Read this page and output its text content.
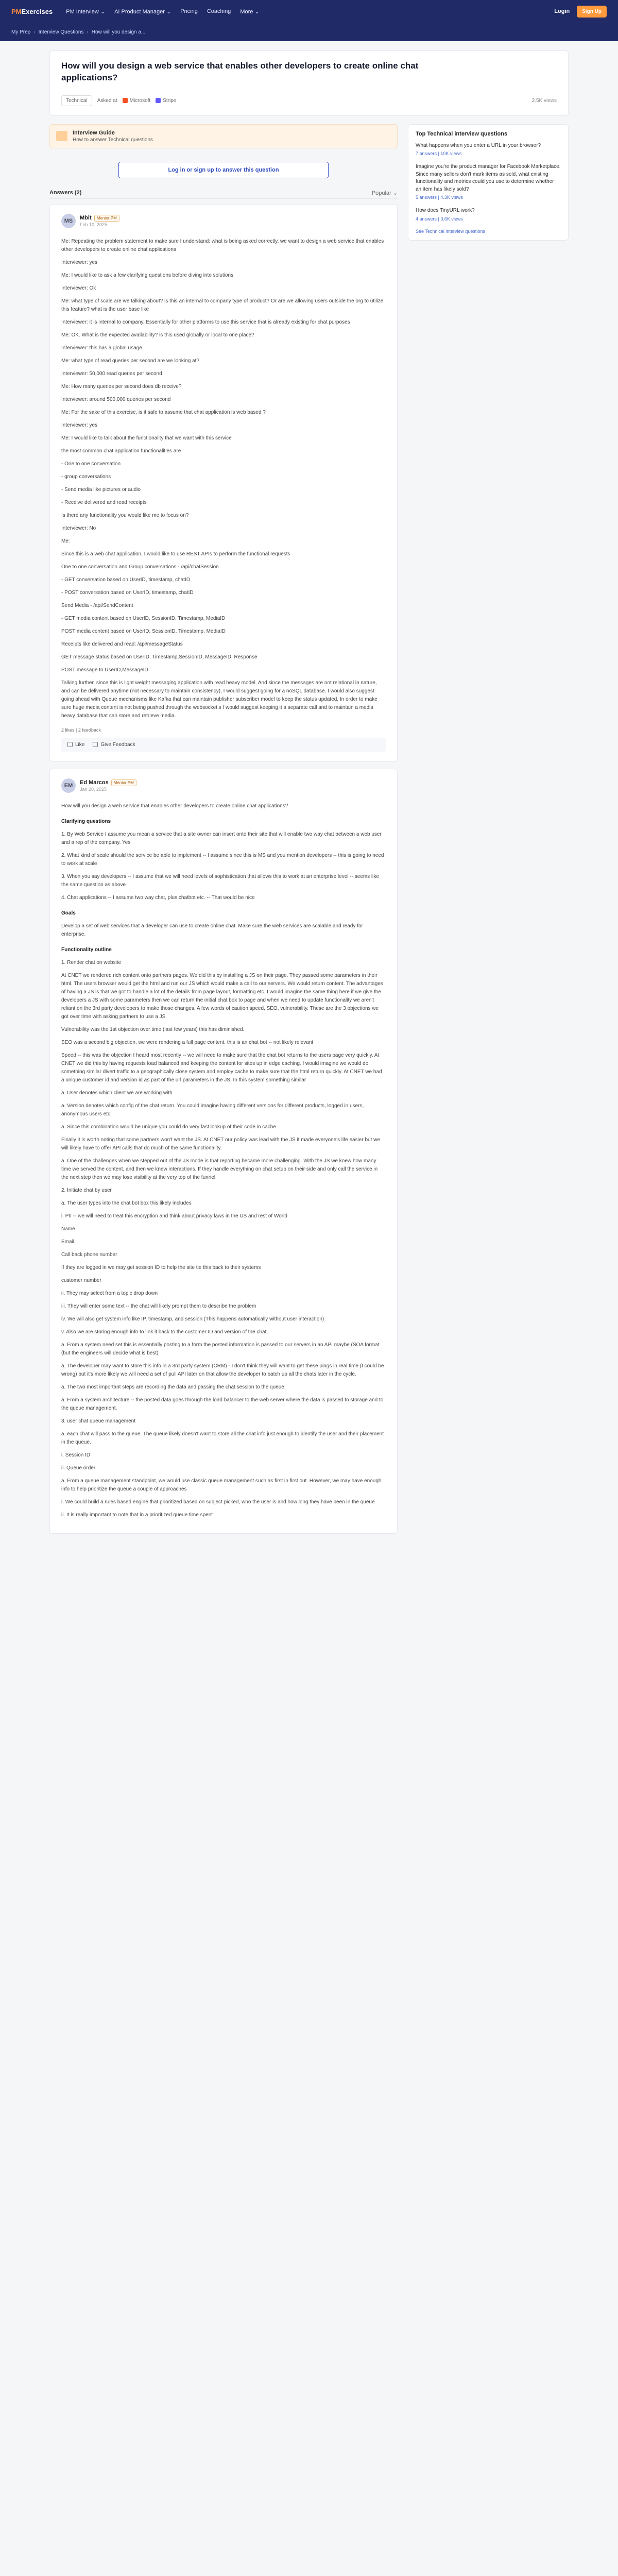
PMExercises PM Interview ⌄ AI Product Manager ⌄ Pricing Coaching More ⌄	Login	Sign Up
My Prep › Interview Questions › How will you design a...
How will you design a web service that enables other developers to create online chat applications?
Technical	Asked at Microsoft Stripe	2.5K views
Interview Guide
How to answer Technical questions
Log in or sign up to answer this question
Answers (2)	Popular ⌄
MS	Mbit Mentor PM
Feb 10, 2025

Me: Repeating the problem statement to make sure I understand: what is being asked correctly, we want to design a web service that enables other developers to create online chat applications

Interviewer: yes

Me: I would like to ask a few clarifying questions before diving into solutions

Interviewer: Ok

Me: what type of scale are we talking about? is this an internal to company type of product? Or are we allowing users outside the org to utilize this feature? what is the user base like

Interviewer: it is internal to company. Essentially for other platforms to use this service that is already existing for chat purposes

Me: OK. What is the expected availability? is this used globally or local to one place?

Interviewer: this has a global usage

Me: what type of read queries per second are we looking at?

Interviewer: 50,000 read queries per second

Me: How many queries per second does db receive?

Interviewer: around 500,000 queries per second

Me: For the sake of this exercise, is it safe to assume that chat application is web based ?

Interviewer: yes

Me: I would like to talk about the functionality that we want with this service

the most common chat application functionalities are

- One to one conversation

- group conversations

- Send media like pictures or audio

- Receive delivered and read receipts

Is there any functionality you would like me to focus on?

Interviewer: No

Me:

Since this is a web chat application, I would like to use REST APIs to perform the functional requests

One to one conversation and Group conversations - /api/chatSession

- GET conversation based on UserID, timestamp, chatID

- POST conversation based on UserID, timestamp, chatID

Send Media - /api/SendContent

- GET media content based on UserID, SessionID, Timestamp, MediaID

POST media content based on UserID, SessionID, Timestamp, MediaID

Receipts like delivered and read: /api/messageStatus

GET message status based on UserID, Timestamp,SessionID, MessageID, Response

POST message to UserID,MessageID

Talking further, since this is light weight messaging application with read heavy model. And since the messages are not relational in nature, and can be delivered anytime (not necessary to maintain consistency), I would suggest going for a noSQL database. I would also suggest going ahead with Queue mechanisms like Kafka that can maintain publisher subscriber model to keep the status updated. In order to make sure huge media content is not being pushed through the websocket,s I would suggest keeping it a separate call and to maintain a media heavy database that can store and retrieve media.

2 likes | 2 feedback
Like	Give Feedback
EM	Ed Marcos Mentor PM
Jan 20, 2025

How will you design a web service that enables other developers to create online chat applications?

Clarifying questions

1. By Web Service I assume you mean a service that a site owner can insert onto their site that will enable two way chat between a web user and a rep of the company. Yes

2. What kind of scale should the service be able to implement -- I assume since this is MS and you mention developers -- this is going to need to work at scale

3. When you say developers -- I assume that we will need levels of sophistication that allows this to work at an enterprise level -- seems like the same question as above

4. Chat applications -- I assume two way chat, plus chatbot etc. -- That would be nice

Goals

Develop a set of web services that a developer can use to create online chat. Make sure the web services are scalable and ready for enterprise.

Functionality outline

1. Render chat on website

At CNET we rendered rich content onto partners pages. We did this by installing a JS on their page. They passed some parameters in their html. The users browser would get the html and run our JS which would make a call to our servers. We would return content. The advantages of having a JS is that we got to handle a lot of the details from page layout, formatting etc. I would imagine the same thing here if we give the developers a JS with some parameters then we can return the initial chat box to page and when we need to update functionality we aren't reliant on the 3rd party developers to make those changes. A few words of caution speed, SEO, vulnerability. These are the 3 objections we got over time with asking partners to use a JS

Vulnerability was the 1st objection over time (last few years) this has diminished.

SEO was a second big objection, we were rendering a full page content, this is an chat bot -- not likely relevant

Speed -- this was the objection I heard most recently -- we will need to make sure that the chat bot returns to the users page very quickly. At CNET we did this by having requests load balanced and keeping the content for sites up in edge caching. I would imagine we would do something similar divert traffic to a geographically close system and employ cache to make sure that the html return quickly. At CNET we had a unique customer id and version id as part of the url parameters in the JS. In this system something similar

a. User denotes which client we are working with

a. Version denotes which config of the chat return. You could imagine having different versions for different products, logged in users, anonymous users etc.

a. Since this combination would be unique you could do very fast lookup of their code in cache

Finally it is worth noting that some partners won't want the JS. At CNET our policy was lead with the JS it made everyone's life easier but we will likely have to offer API calls that do much of the same functionality.

a. One of the challenges when we stepped out of the JS mode is that reporting became more challenging. With the JS we knew how many time we served the content, and then we knew interactions. If they handle everything on chat setup on their side and only call the service in the next step then we may lose visibility at the very top of the funnel.

2. Initiate chat by user

a. The user types into the chat bot box this likely includes

i. PII -- we will need to treat this encryption and think about privacy laws in the US and rest of World

Name

Email,

Call back phone number

If they are logged in we may get session ID to help the site tie this back to their systems

customer number

ii. They may select from a topic drop down

iii. They will enter some text -- the chat will likely prompt them to describe the problem

iv. We will also get system info like IP, timestamp, and session (This happens automatically without user interaction)

v. Also we are storing enough info to link it back to the customer ID and version of the chat.

a. From a system need set this is essentially posting to a form the posted information is passed to our servers in an API maybe (SOA format (but the engineers will decide what is best)

a. The developer may want to store this info in a 3rd party system (CRM) - I don't think they will want to get these pings in real time (I could be wrong) but it's more likely we will need a set of pull API later on that allow the developer to batch up all the chats later in the cycle.

a. The two most important steps are recording the data and passing the chat session to the queue.

a. From a system architecture -- the posted data goes through the load balancer to the web server where the data is passed to storage and to the queue management.

3. user chat queue management

a. each chat will pass to the queue. The queue likely doesn't want to store all the chat info just enough to identify the user and their placement in the queue.

i. Session ID

ii. Queue order

a. From a queue management standpoint, we would use classic queue management such as first in first out. However, we may have enough info to help prioritize the queue a couple of approaches

i. We could build a rules based engine that prioritized based on subject picked, who the user is and how long they have been in the queue

ii. It is really important to note that in a prioritized queue time spent

Top Technical interview questions
What happens when you enter a URL in your browser?
7 answers | 10K views
Imagine you're the product manager for Facebook Marketplace. Since many sellers don't mark items as sold, what existing functionality and metrics could you use to determine whether an item has likely sold?
5 answers | 4.3K views
How does TinyURL work?
4 answers | 3.6K views
See Technical interview questions
